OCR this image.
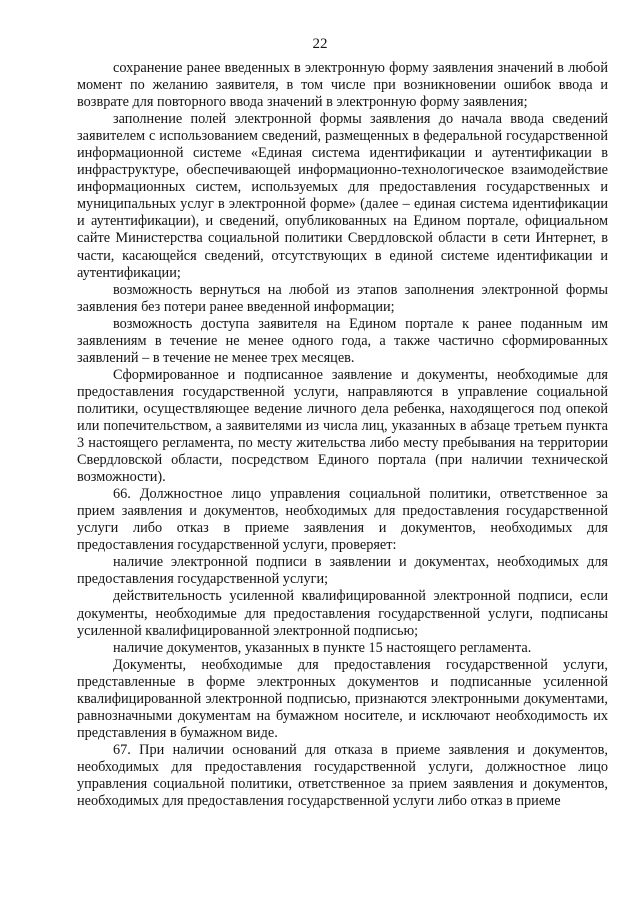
22

сохранение ранее введенных в электронную форму заявления значений в любой момент по желанию заявителя, в том числе при возникновении ошибок ввода и возврате для повторного ввода значений в электронную форму заявления;

заполнение полей электронной формы заявления до начала ввода сведений заявителем с использованием сведений, размещенных в федеральной государственной информационной системе «Единая система идентификации и аутентификации в инфраструктуре, обеспечивающей информационно-технологическое взаимодействие информационных систем, используемых для предоставления государственных и муниципальных услуг в электронной форме» (далее – единая система идентификации и аутентификации), и сведений, опубликованных на Едином портале, официальном сайте Министерства социальной политики Свердловской области в сети Интернет, в части, касающейся сведений, отсутствующих в единой системе идентификации и аутентификации;

возможность вернуться на любой из этапов заполнения электронной формы заявления без потери ранее введенной информации;

возможность доступа заявителя на Едином портале к ранее поданным им заявлениям в течение не менее одного года, а также частично сформированных заявлений – в течение не менее трех месяцев.

Сформированное и подписанное заявление и документы, необходимые для предоставления государственной услуги, направляются в управление социальной политики, осуществляющее ведение личного дела ребенка, находящегося под опекой или попечительством, а заявителями из числа лиц, указанных в абзаце третьем пункта 3 настоящего регламента, по месту жительства либо месту пребывания на территории Свердловской области, посредством Единого портала (при наличии технической возможности).

66. Должностное лицо управления социальной политики, ответственное за прием заявления и документов, необходимых для предоставления государственной услуги либо отказ в приеме заявления и документов, необходимых для предоставления государственной услуги, проверяет:

наличие электронной подписи в заявлении и документах, необходимых для предоставления государственной услуги;

действительность усиленной квалифицированной электронной подписи, если документы, необходимые для предоставления государственной услуги, подписаны усиленной квалифицированной электронной подписью;

наличие документов, указанных в пункте 15 настоящего регламента.

Документы, необходимые для предоставления государственной услуги, представленные в форме электронных документов и подписанные усиленной квалифицированной электронной подписью, признаются электронными документами, равнозначными документам на бумажном носителе, и исключают необходимость их представления в бумажном виде.

67. При наличии оснований для отказа в приеме заявления и документов, необходимых для предоставления государственной услуги, должностное лицо управления социальной политики, ответственное за прием заявления и документов, необходимых для предоставления государственной услуги либо отказ в приеме
